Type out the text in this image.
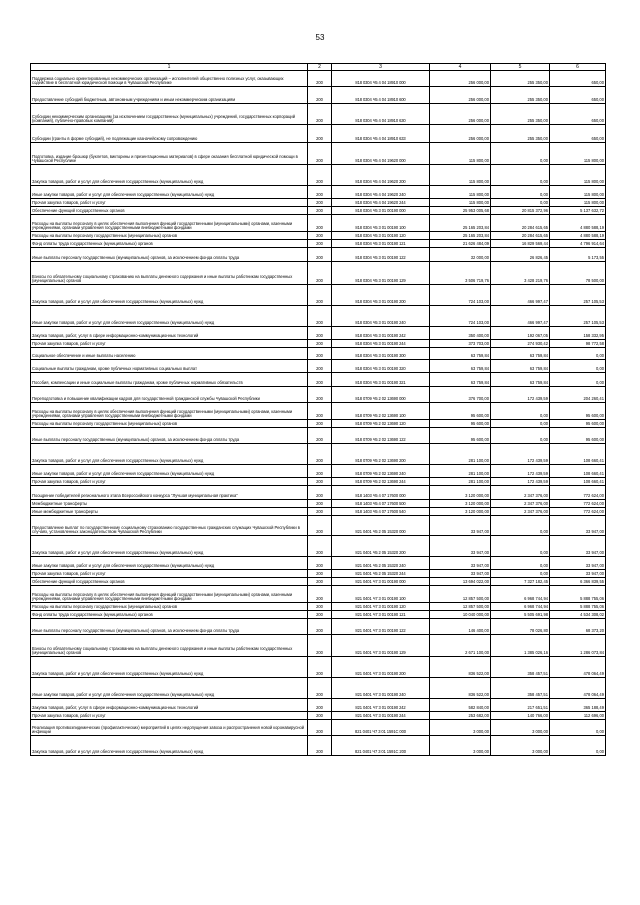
53
1	2	3	4	5	6
Поддержка социально ориентированных некоммерческих организаций – исполнителей общественно полезных услуг, оказывающих содействие в бесплатной юридической помощи в Чувашской Республике	200	818 0304 Ч5 4 04 18910 000	256 000,00	255 350,00	650,00
Предоставление субсидий бюджетным, автономным учреждениям и иным некоммерческим организациям	200	818 0304 Ч5 4 04 18910 600	256 000,00	255 350,00	650,00
Субсидии некоммерческим организациям (за исключением государственных (муниципальных) учреждений, государственных корпораций (компаний), публично-правовых компаний)	200	818 0304 Ч5 4 04 18910 630	256 000,00	255 350,00	650,00
Субсидии (гранты в форме субсидий), не подлежащие казначейскому сопровождению	200	818 0304 Ч5 4 04 18910 633	256 000,00	255 350,00	650,00
Подготовка, издание брошюр (буклетов, викторины и презентационных материалов) в сфере оказания бесплатной юридической помощи в Чувашской Республике	200	818 0304 Ч5 4 04 19620 000	115 800,00	0,00	115 800,00
Закупка товаров, работ и услуг для обеспечения государственных (муниципальных) нужд	200	818 0304 Ч5 4 04 19620 200	115 800,00	0,00	115 800,00
Иные закупки товаров, работ и услуг для обеспечения государственных (муниципальных) нужд	200	818 0304 Ч5 4 04 19620 240	115 800,00	0,00	115 800,00
Прочая закупка товаров, работ и услуг	200	818 0304 Ч5 4 04 19620 244	115 800,00	0,00	115 800,00
Обеспечение функций государственных органов	200	818 0304 Ч5 3 01 00190 000	25 953 005,68	20 815 372,96	5 137 632,72
Расходы на выплаты персоналу в целях обеспечения выполнения функций государственными (муниципальными) органами, казенными учреждениями, органами управления государственными внебюджетными фондами	200	818 0304 Ч5 3 01 00190 100	25 165 203,84	20 284 615,65	4 880 588,19
Расходы на выплаты персоналу государственных (муниципальных) органов	200	818 0304 Ч5 3 01 00190 120	25 165 203,84	20 284 615,65	4 880 588,19
Фонд оплаты труда государственных (муниципальных) органов	200	818 0304 Ч5 3 01 00190 121	21 626 484,09	16 829 569,44	4 796 914,64
Иные выплаты персоналу государственных (муниципальных) органов, за исключением фонда оплаты труда	200	818 0304 Ч5 3 01 00190 122	32 000,00	26 826,45	5 173,55
Взносы по обязательному социальному страхованию на выплаты денежного содержания и иные выплаты работникам государственных (муниципальных) органов	200	818 0304 Ч5 3 01 00190 129	3 506 719,76	3 428 219,76	78 500,00
Закупка товаров, работ и услуг для обеспечения государственных (муниципальных) нужд	200	818 0304 Ч5 3 01 00190 200	724 103,00	466 997,47	257 105,53
Иные закупки товаров, работ и услуг для обеспечения государственных (муниципальных) нужд	200	818 0304 Ч5 3 01 00190 240	724 103,00	466 997,47	257 105,53
Закупка товаров, работ, услуг в сфере информационно-коммуникационных технологий	200	818 0304 Ч5 3 01 00190 242	350 400,00	192 067,05	158 332,95
Прочая закупка товаров, работ и услуг	200	818 0304 Ч5 3 01 00190 244	373 703,00	274 930,42	98 772,58
Социальное обеспечение и иные выплаты населению	200	818 0304 Ч5 3 01 00190 300	63 759,84	63 759,84	0,00
Социальные выплаты гражданам, кроме публичных нормативных социальных выплат	200	818 0304 Ч5 3 01 00190 320	63 759,84	63 759,84	0,00
Пособия, компенсации и иные социальные выплаты гражданам, кроме публичных нормативных обязательств	200	818 0304 Ч5 3 01 00190 321	63 759,84	63 759,84	0,00
Переподготовка и повышение квалификации кадров для государственной гражданской службы Чувашской Республики	200	818 0709 Ч5 2 02 13690 000	376 700,00	172 439,59	204 260,41
Расходы на выплаты персоналу в целях обеспечения выполнения функций государственными (муниципальными) органами, казенными учреждениями, органами управления государственными внебюджетными фондами	200	818 0709 Ч5 2 02 13690 100	95 600,00	0,00	95 600,00
Расходы на выплаты персоналу государственных (муниципальных) органов	200	818 0709 Ч5 2 02 13690 120	95 600,00	0,00	95 600,00
Иные выплаты персоналу государственных (муниципальных) органов, за исключением фонда оплаты труда	200	818 0709 Ч5 2 02 13690 122	95 600,00	0,00	95 600,00
Закупка товаров, работ и услуг для обеспечения государственных (муниципальных) нужд	200	818 0709 Ч5 2 02 13690 200	281 100,00	172 439,59	108 660,41
Иные закупки товаров, работ и услуг для обеспечения государственных (муниципальных) нужд	200	818 0709 Ч5 2 02 13690 240	281 100,00	172 439,59	108 660,41
Прочая закупка товаров, работ и услуг	200	818 0709 Ч5 2 02 13690 244	281 100,00	172 439,59	108 660,41
Поощрение победителей регионального этапа Всероссийского конкурса "Лучшая муниципальная практика"	200	818 1403 Ч5 4 07 17600 000	3 120 000,00	2 347 376,00	772 624,00
Межбюджетные трансферты	200	818 1403 Ч5 4 07 17600 500	3 120 000,00	2 347 376,00	772 624,00
Иные межбюджетные трансферты	200	818 1403 Ч5 4 07 17600 540	3 120 000,00	2 347 376,00	772 624,00
Предоставление выплат по государственному социальному страхованию государственных гражданских служащих Чувашской Республики в случаях, установленных законодательством Чувашской Республики	200	821 0401 Ч5 2 05 15320 000	33 947,00	0,00	33 947,00
Закупка товаров, работ и услуг для обеспечения государственных (муниципальных) нужд	200	821 0401 Ч5 2 05 15320 200	33 947,00	0,00	33 947,00
Иные закупки товаров, работ и услуг для обеспечения государственных (муниципальных) нужд	200	821 0401 Ч5 2 05 15320 240	33 947,00	0,00	33 947,00
Прочая закупка товаров, работ и услуг	200	821 0401 Ч5 2 05 15320 244	33 947,00	0,00	33 947,00
Обеспечение функций государственных органов	200	821 0401 Ч7 3 01 00190 000	13 694 022,00	7 327 182,45	6 366 839,55
Расходы на выплаты персоналу в целях обеспечения выполнения функций государственными (муниципальными) органами, казенными учреждениями, органами управления государственными внебюджетными фондами	200	821 0401 Ч7 3 01 00190 100	12 857 500,00	6 968 744,94	5 888 755,06
Расходы на выплаты персоналу государственных (муниципальных) органов	200	821 0401 Ч7 3 01 00190 120	12 857 500,00	6 968 744,94	5 888 755,06
Фонд оплаты труда государственных (муниципальных) органов	200	821 0401 Ч7 3 01 00190 121	10 040 000,00	5 505 691,98	4 534 308,02
Иные выплаты персоналу государственных (муниципальных) органов, за исключением фонда оплаты труда	200	821 0401 Ч7 3 01 00190 122	146 400,00	78 026,80	68 373,20
Взносы по обязательному социальному страхованию на выплаты денежного содержания и иные выплаты работникам государственных (муниципальных) органов	200	821 0401 Ч7 3 01 00190 129	2 671 100,00	1 385 026,16	1 286 073,84
Закупка товаров, работ и услуг для обеспечения государственных (муниципальных) нужд	200	821 0401 Ч7 3 01 00190 200	836 522,00	358 457,51	478 064,49
Иные закупки товаров, работ и услуг для обеспечения государственных (муниципальных) нужд	200	821 0401 Ч7 3 01 00190 240	836 522,00	358 457,51	478 064,49
Закупка товаров, работ, услуг в сфере информационно-коммуникационных технологий	200	821 0401 Ч7 3 01 00190 242	582 840,00	217 651,51	365 188,49
Прочая закупка товаров, работ и услуг	200	821 0401 Ч7 3 01 00190 244	253 682,00	140 766,00	112 696,00
Реализация противоэпидемических (профилактических) мероприятий в целях недопущения завоза и распространения новой коронавирусной инфекции	200	821 0401 Ч7 3 01 1591С 000	3 000,00	3 000,00	0,00
Закупка товаров, работ и услуг для обеспечения государственных (муниципальных) нужд	200	821 0401 Ч7 3 01 1591С 200	3 000,00	3 000,00	0,00
